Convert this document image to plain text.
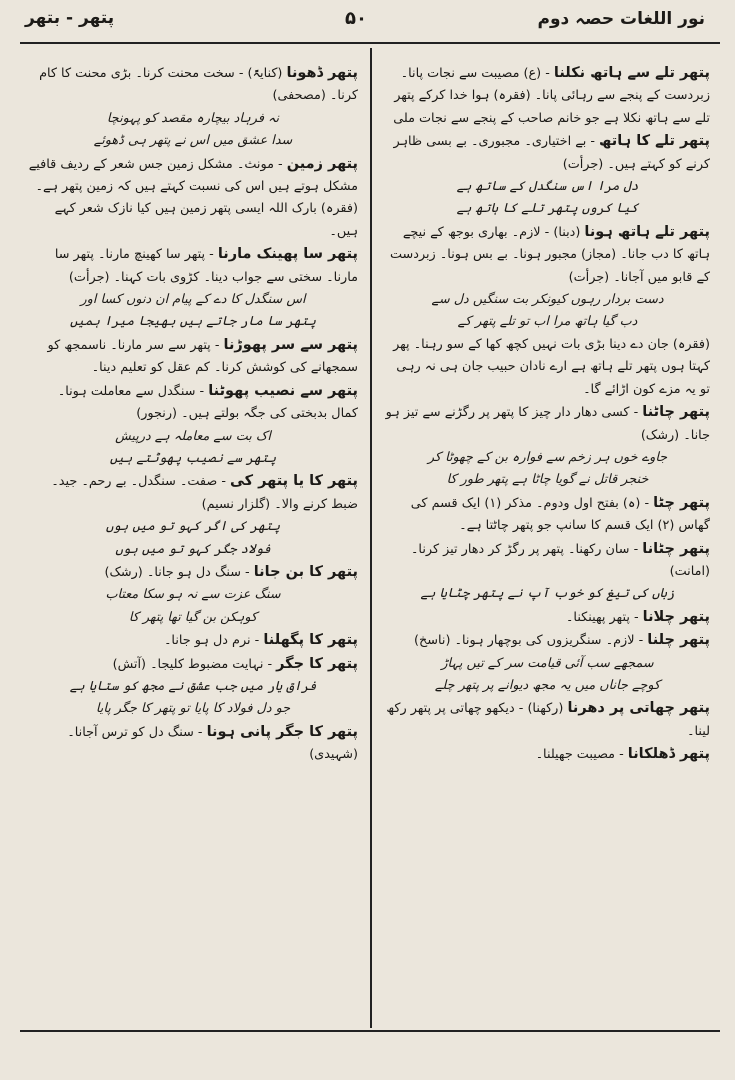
نور اللغات حصہ دوم
۵۰
پتھر - بتھر

پتھر تلے سے ہاتھ نکلنا - (ع) مصیبت سے نجات پانا۔ زبردست کے پنجے سے رہائی پانا۔ (فقرہ) ہوا خدا کرکے پتھر تلے سے ہاتھ نکلا ہے جو خانم صاحب کے پنجے سے نجات ملی

پتھر تلے کا ہاتھ - بے اختیاری۔ مجبوری۔ بے بسی ظاہر کرنے کو کہتے ہیں۔ (جرأت)

دل مرا اس سنگدل کے ساتھ ہے

کیا کروں پتھر تلے کا ہاتھ ہے

پتھر تلے ہاتھ ہونا (دبنا) - لازم۔ بھاری بوجھ کے نیچے ہاتھ کا دب جانا۔ (مجاز) مجبور ہونا۔ بے بس ہونا۔ زبردست کے قابو میں آجانا۔ (جرأت)

دست بردار رہوں کیونکر بت سنگیں دل سے

دب گیا ہاتھ مرا اب تو تلے پتھر کے

(فقرہ) جان دے دینا بڑی بات نہیں کچھ کھا کے سو رہنا۔ پھر کہتا ہوں پتھر تلے ہاتھ ہے ارے نادان حبیب جان ہی نہ رہی تو یہ مزے کون اڑائے گا۔

پتھر چاٹنا - کسی دھار دار چیز کا پتھر پر رگڑنے سے تیز ہو جانا۔ (رشک)

جاوے خوں ہر زخم سے فوارہ بن کے چھوٹا کر

خنجر قاتل نے گویا چاٹا ہے پتھر طور کا

پتھر چٹا - (ہ) بفتح اول ودوم۔ مذکر (۱) ایک قسم کی گھاس (۲) ایک قسم کا سانپ جو پتھر چاٹتا ہے۔

پتھر چٹانا - سان رکھنا۔ پتھر پر رگڑ کر دھار تیز کرنا۔ (امانت)

زباں کی تیغ کو خوب آپ نے پتھر چٹایا ہے

پتھر چلانا - پتھر پھینکنا۔

پتھر چلنا - لازم۔ سنگریزوں کی بوچھار ہونا۔ (ناسخ)

سمجھے سب آئی قیامت سر کے تیں پہاڑ

کوچے جاناں میں یہ مجھ دیوانے پر پتھر چلے

پتھر چھاتی پر دھرنا (رکھنا) - دیکھو چھاتی پر پتھر رکھ لینا۔

پتھر ڈھلکانا - مصیبت جھیلنا۔

پتھر ڈھونا (کنایۃً) - سخت محنت کرنا۔ بڑی محنت کا کام کرنا۔ (مصحفی)

نہ فرہاد بیچارہ مقصد کو پہونچا

سدا عشق میں اس نے پتھر ہی ڈھوئے

پتھر زمین - مونث۔ مشکل زمین جس شعر کے ردیف قافیے مشکل ہوتے ہیں اس کی نسبت کہتے ہیں کہ زمین پتھر ہے۔ (فقرہ) بارک اللہ ایسی پتھر زمین ہیں کیا نازک شعر کہے ہیں۔

پتھر سا پھینک مارنا - پتھر سا کھینچ مارنا۔ پتھر سا مارنا۔ سختی سے جواب دینا۔ کڑوی بات کہنا۔ (جرأت)

اس سنگدل کا دے کے پیام ان دنوں کسا اور

پتھر سا مار جاتے ہیں بھیجا میرا ہمیں

پتھر سے سر پھوڑنا - پتھر سے سر مارنا۔ ناسمجھ کو سمجھانے کی کوشش کرنا۔ کم عقل کو تعلیم دینا۔

پتھر سے نصیب پھوٹنا - سنگدل سے معاملت ہونا۔ کمال بدبختی کی جگہ بولتے ہیں۔ (رنجور)

اک بت سے معاملہ ہے درپیش

پتھر سے نصیب پھوٹتے ہیں

پتھر کا یا پتھر کی - صفت۔ سنگدل۔ بے رحم۔ جید۔ ضبط کرنے والا۔ (گلزار نسیم)

پتھر کی اگر کہو تو میں ہوں

فولاد جگر کہو تو میں ہوں

پتھر کا بن جانا - سنگ دل ہو جانا۔ (رشک)

سنگ عزت سے نہ ہو سکا معتاب

کوہکن بن گیا تھا پتھر کا

پتھر کا پگھلنا - نرم دل ہو جانا۔

پتھر کا جگر - نہایت مضبوط کلیجا۔ (آتش)

فراق یار میں جب عشق نے مجھ کو ستایا ہے

جو دل فولاد کا پایا تو پتھر کا جگر پایا

پتھر کا جگر پانی ہونا - سنگ دل کو ترس آجانا۔ (شہیدی)
